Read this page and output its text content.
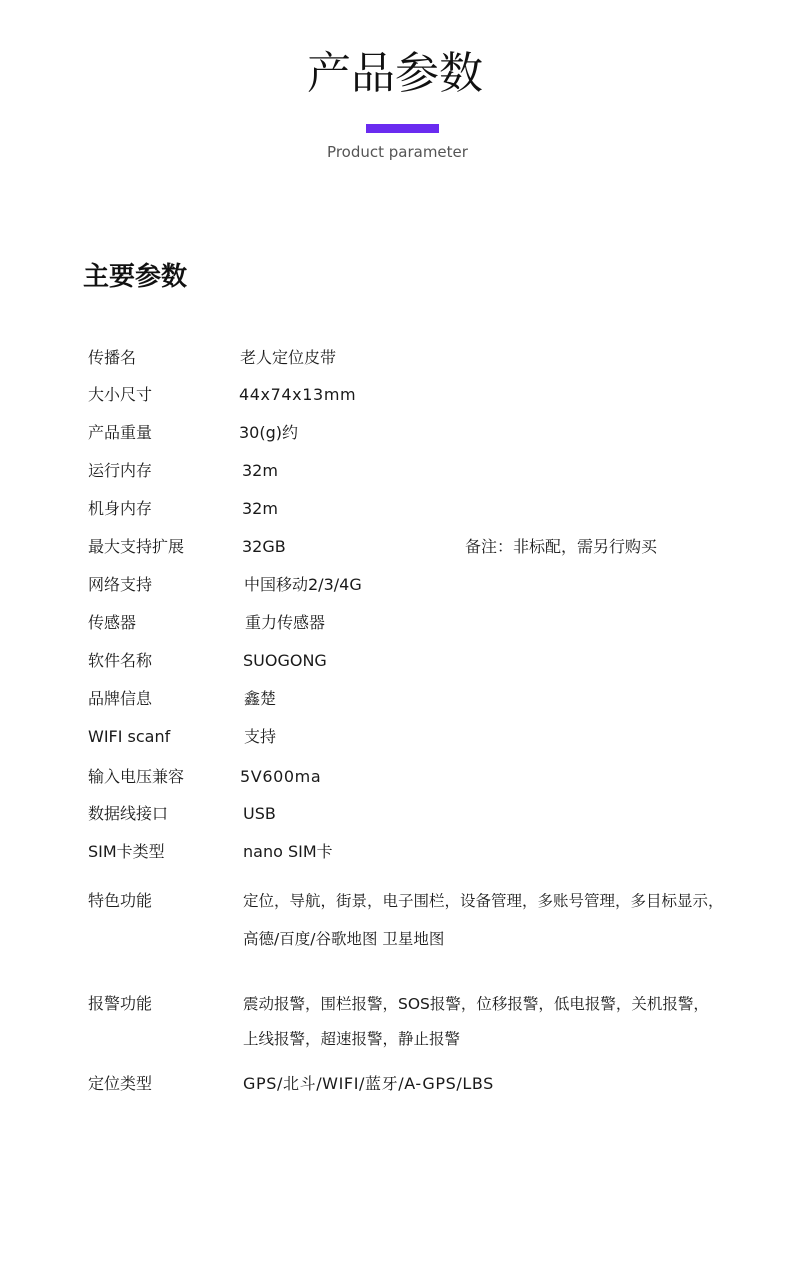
产品参数

Product parameter

主要参数
传播名	老人定位皮带
大小尺寸	44x74x13mm
产品重量	30(g)约
运行内存	32m
机身内存	32m
最大支持扩展	32GB	备注：非标配，需另行购买
网络支持	中国移动2/3/4G
传感器	重力传感器
软件名称	SUOGONG
品牌信息	鑫楚
WIFI scanf	支持
输入电压兼容	5V600ma
数据线接口	USB
SIM卡类型	nano SIM卡
特色功能	定位，导航，街景，电子围栏，设备管理，多账号管理，多目标显示，
高德/百度/谷歌地图 卫星地图
报警功能	震动报警，围栏报警，SOS报警，位移报警，低电报警，关机报警，
上线报警，超速报警，静止报警
定位类型	GPS/北斗/WIFI/蓝牙/A-GPS/LBS
